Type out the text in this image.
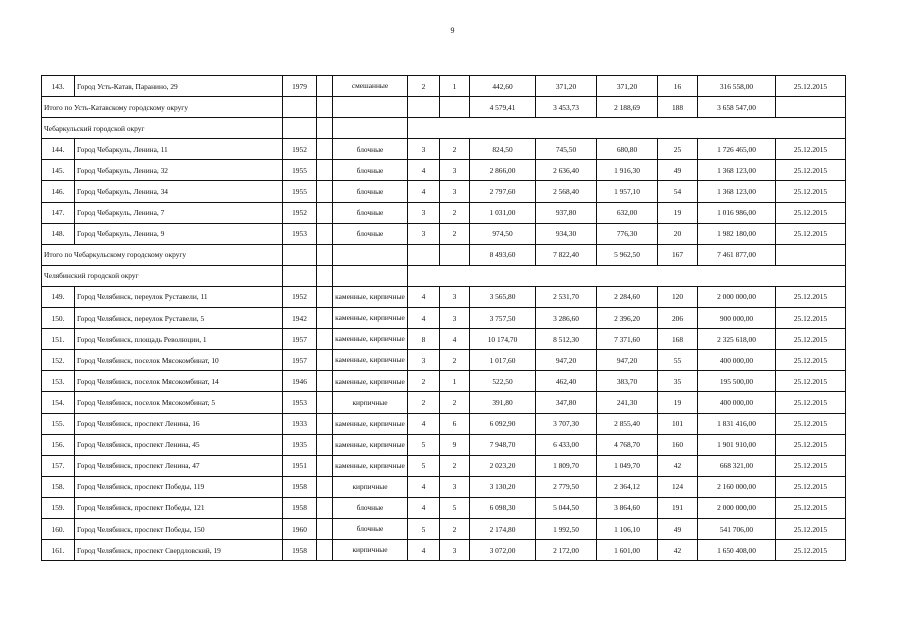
9
143.	Город Усть-Катав, Паранино, 29	1979		смешанные	2	1	442,60	371,20	371,20	16	316 558,00	25.12.2015
Итого по Усть-Катавскому городскому округу							4 579,41	3 453,73	2 188,69	188	3 658 547,00	
Чебаркульский городской округ												
144.	Город Чебаркуль, Ленина, 11	1952		блочные	3	2	824,50	745,50	680,80	25	1 726 465,00	25.12.2015
145.	Город Чебаркуль, Ленина, 32	1955		блочные	4	3	2 866,00	2 636,40	1 916,30	49	1 368 123,00	25.12.2015
146.	Город Чебаркуль, Ленина, 34	1955		блочные	4	3	2 797,60	2 568,40	1 957,10	54	1 368 123,00	25.12.2015
147.	Город Чебаркуль, Ленина, 7	1952		блочные	3	2	1 031,00	937,80	632,00	19	1 016 986,00	25.12.2015
148.	Город Чебаркуль, Ленина, 9	1953		блочные	3	2	974,50	934,30	776,30	20	1 982 180,00	25.12.2015
Итого по Чебаркульскому городскому округу							8 493,60	7 822,40	5 962,50	167	7 461 877,00	
Челябинский городской округ												
149.	Город Челябинск, переулок Руставели, 11	1952		каменные, кирпичные	4	3	3 565,80	2 531,70	2 284,60	120	2 000 000,00	25.12.2015
150.	Город Челябинск, переулок Руставели, 5	1942		каменные, кирпичные	4	3	3 757,50	3 286,60	2 396,20	206	900 000,00	25.12.2015
151.	Город Челябинск, площадь Революции, 1	1957		каменные, кирпичные	8	4	10 174,70	8 512,30	7 371,60	168	2 325 618,00	25.12.2015
152.	Город Челябинск, поселок Мясокомбинат, 10	1957		каменные, кирпичные	3	2	1 017,60	947,20	947,20	55	400 000,00	25.12.2015
153.	Город Челябинск, поселок Мясокомбинат, 14	1946		каменные, кирпичные	2	1	522,50	462,40	383,70	35	195 500,00	25.12.2015
154.	Город Челябинск, поселок Мясокомбинат, 5	1953		кирпичные	2	2	391,80	347,80	241,30	19	400 000,00	25.12.2015
155.	Город Челябинск, проспект Ленина, 16	1933		каменные, кирпичные	4	6	6 092,90	3 707,30	2 855,40	101	1 831 416,00	25.12.2015
156.	Город Челябинск, проспект Ленина, 45	1935		каменные, кирпичные	5	9	7 948,70	6 433,00	4 768,70	160	1 901 910,00	25.12.2015
157.	Город Челябинск, проспект Ленина, 47	1951		каменные, кирпичные	5	2	2 023,20	1 809,70	1 049,70	42	668 321,00	25.12.2015
158.	Город Челябинск, проспект Победы, 119	1958		кирпичные	4	3	3 130,20	2 779,50	2 364,12	124	2 160 000,00	25.12.2015
159.	Город Челябинск, проспект Победы, 121	1958		блочные	4	5	6 098,30	5 044,50	3 864,60	191	2 000 000,00	25.12.2015
160.	Город Челябинск, проспект Победы, 150	1960		блочные	5	2	2 174,80	1 992,50	1 106,10	49	541 706,00	25.12.2015
161.	Город Челябинск, проспект Свердловский, 19	1958		кирпичные	4	3	3 072,00	2 172,00	1 601,00	42	1 650 408,00	25.12.2015
